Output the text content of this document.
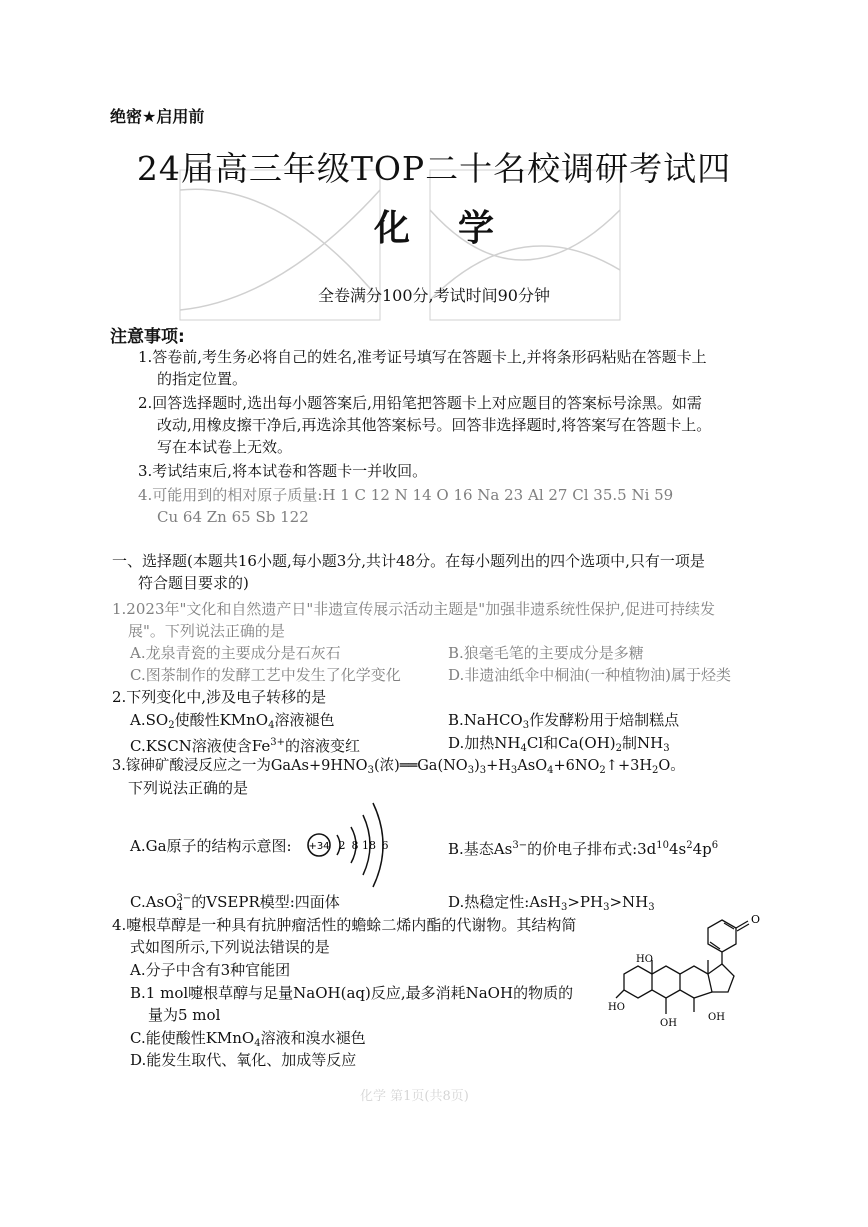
绝密★启用前
24届高三年级TOP二十名校调研考试四
化学
全卷满分100分,考试时间90分钟
注意事项:
1.答卷前,考生务必将自己的姓名,准考证号填写在答题卡上,并将条形码粘贴在答题卡上
的指定位置。
2.回答选择题时,选出每小题答案后,用铅笔把答题卡上对应题目的答案标号涂黑。如需
改动,用橡皮擦干净后,再选涂其他答案标号。回答非选择题时,将答案写在答题卡上。
写在本试卷上无效。
3.考试结束后,将本试卷和答题卡一并收回。
4.可能用到的相对原子质量:H 1 C 12 N 14 O 16 Na 23 Al 27 Cl 35.5 Ni 59
Cu 64 Zn 65 Sb 122
一、选择题(本题共16小题,每小题3分,共计48分。在每小题列出的四个选项中,只有一项是
符合题目要求的)
1.2023年"文化和自然遗产日"非遗宣传展示活动主题是"加强非遗系统性保护,促进可持续发
展"。下列说法正确的是
A.龙泉青瓷的主要成分是石灰石	B.狼毫毛笔的主要成分是多糖
C.图茶制作的发酵工艺中发生了化学变化	D.非遗油纸伞中桐油(一种植物油)属于烃类
2.下列变化中,涉及电子转移的是
$A.SO_2$使酸性KMnO$_4$溶液褪色	B.NaHCO$_3$作发酵粉用于焙制糕点
C.KSCN溶液使含$Fe^{3+}$的溶液变红	D.加热$NH_4Cl$和$Ca(OH)_2$制$NH_3$
3.镓砷矿酸浸反应之一为$GaAs+9HNO_3$(浓)$══Ga(NO_3)_3+H_3AsO_4+6NO_2↑+3H_2O$。
下列说法正确的是
A.Ga原子的结构示意图: +34 2 8 18 6	B.基态$As^{3-}$的价电子排布式$:3d^{10}4s^24p^6$
C.AsO3−
4 的VSEPR模型:四面体	D.热稳定性$:AsH_3>PH_3>NH_3$
4.嚏根草醇是一种具有抗肿瘤活性的蟾蜍二烯内酯的代谢物。其结构简
式如图所示,下列说法错误的是
A.分子中含有3种官能团
B.1 mol嚏根草醇与足量NaOH(aq)反应,最多消耗NaOH的物质的
量为5 mol
C.能使酸性KMnO$_4$溶液和溴水褪色
D.能发生取代、氧化、加成等反应
O
HO
OH
HO
OH
化学 第1页(共8页)
